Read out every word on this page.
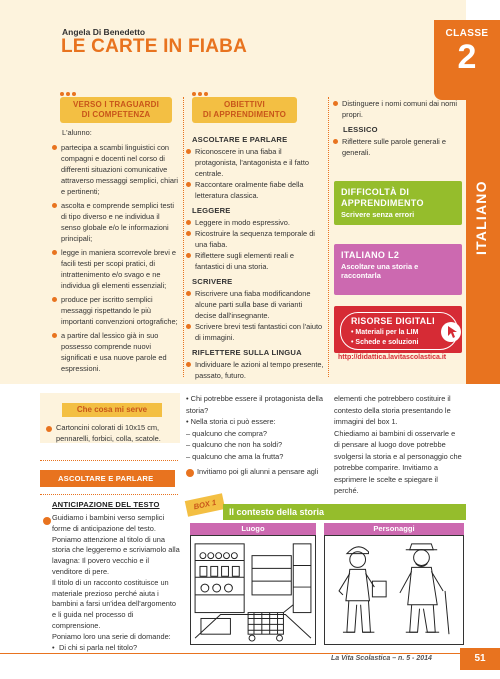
Angela Di Benedetto
LE CARTE IN FIABA
CLASSE
2
ITALIANO
VERSO I TRAGUARDI
DI COMPETENZA
OBIETTIVI
DI APPRENDIMENTO

L'alunno:

partecipa a scambi linguistici con compagni e docenti nel corso di differenti situazioni comunicative attraverso messaggi semplici, chiari e pertinenti;

ascolta e comprende semplici testi di tipo diverso e ne individua il senso globale e/o le informazioni principali;

legge in maniera scorrevole brevi e facili testi per scopi pratici, di intrattenimento e/o svago e ne individua gli elementi essenziali;

produce per iscritto semplici messaggi rispettando le più importanti convenzioni ortografiche;

a partire dal lessico già in suo possesso comprende nuovi significati e usa nuove parole ed espressioni.

ASCOLTARE E PARLARE

Riconoscere in una fiaba il protagonista, l'antagonista e il fatto centrale.

Raccontare oralmente fiabe della letteratura classica.

LEGGERE

Leggere in modo espressivo.

Ricostruire la sequenza temporale di una fiaba.

Riflettere sugli elementi reali e fantastici di una storia.

SCRIVERE

Riscrivere una fiaba modificandone alcune parti sulla base di varianti decise dall'insegnante.

Scrivere brevi testi fantastici con l'aiuto di immagini.

RIFLETTERE SULLA LINGUA

Individuare le azioni al tempo presente, passato, futuro.

Distinguere i nomi comuni dai nomi propri.

LESSICO

Riflettere sulle parole generali e generali.

DIFFICOLTÀ DI APPRENDIMENTO
Scrivere senza errori
ITALIANO L2
Ascoltare una storia e raccontarla
RISORSE DIGITALI
• Materiali per la LIM
• Schede e soluzioni
http://didattica.lavitascolastica.it
Che cosa mi serve
Cartoncini colorati di 10x15 cm, pennarelli, forbici, colla, scatole.
ASCOLTARE E PARLARE
ANTICIPAZIONE DEL TESTO

Guidiamo i bambini verso semplici forme di anticipazione del testo. Poniamo attenzione al titolo di una storia che leggeremo e scriviamolo alla lavagna: Il povero vecchio e il venditore di pere.

Il titolo di un racconto costituisce un materiale prezioso perché aiuta i bambini a farsi un'idea dell'argomento e li guida nel processo di comprensione.

Poniamo loro una serie di domande:

• Di chi si parla nel titolo?

• Chi potrebbe essere il protagonista della storia?

• Nella storia ci può essere:

– qualcuno che compra?

– qualcuno che non ha soldi?

– qualcuno che ama la frutta?

Invitiamo poi gli alunni a pensare agli

elementi che potrebbero costituire il contesto della storia presentando le immagini del box 1.

Chiediamo ai bambini di osservarle e di pensare al luogo dove potrebbe svolgersi la storia e al personaggio che potrebbe comparire. Invitiamo a esprimere le scelte e spiegare il perché.

BOX 1
Il contesto della storia
Luogo	Personaggi
La Vita Scolastica – n. 5 - 2014	51
